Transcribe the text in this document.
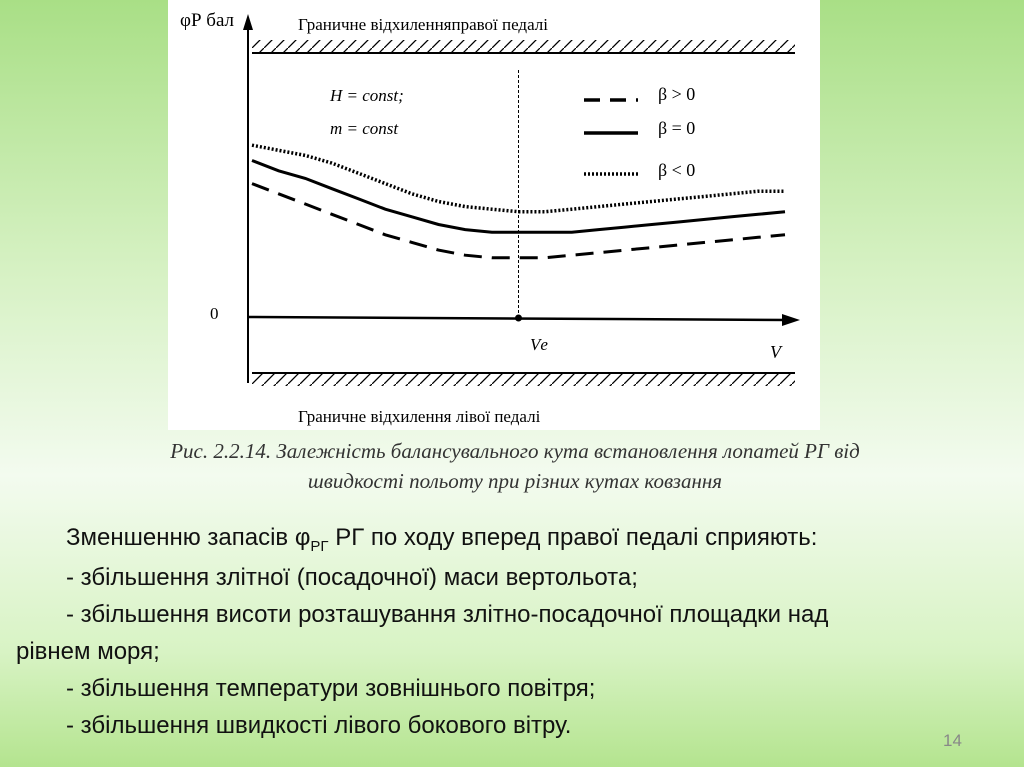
φР бал	Граничне відхиленняправої педалі
Граничне відхилення лівої педалі
0
V
Vе
H = const;
m = const
β > 0
β = 0
β < 0
Рис. 2.2.14. Залежність балансувального кута встановлення лопатей РГ від
швидкості польоту при різних кутах ковзання
Зменшенню запасів $\varphi_{РГ}$ РГ по ходу вперед правої педалі сприяють:
- збільшення злітної (посадочної) маси вертольота;
- збільшення висоти розташування злітно-посадочної площадки над
рівнем моря;
- збільшення температури зовнішнього повітря;
- збільшення швидкості лівого бокового вітру.
14
